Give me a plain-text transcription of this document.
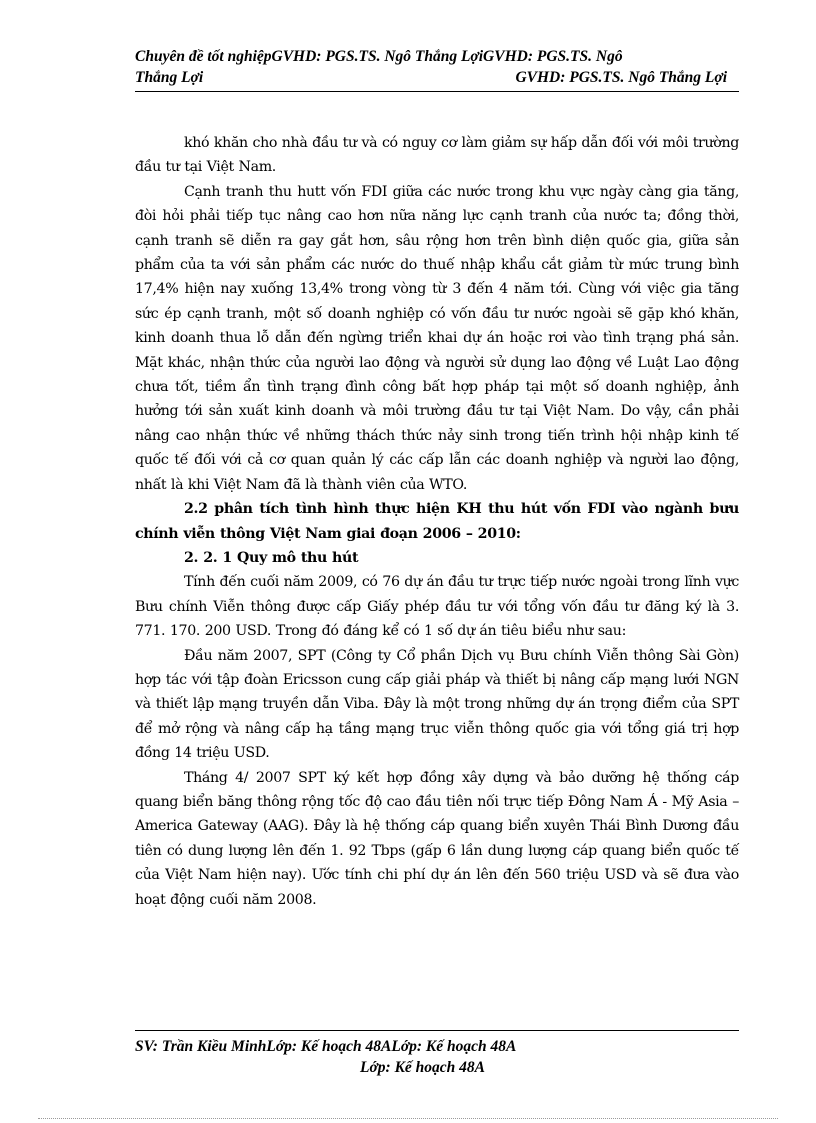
Chuyên đề tốt nghiệpGVHD: PGS.TS. Ngô Thắng LợiGVHD: PGS.TS. Ngô
Thắng Lợi	GVHD: PGS.TS. Ngô Thắng Lợi

khó khăn cho nhà đầu tư và có nguy cơ làm giảm sự hấp dẫn đối với môi trường đầu tư tại Việt Nam.

Cạnh tranh thu hutt vốn FDI giữa các nước trong khu vực ngày càng gia tăng, đòi hỏi phải tiếp tục nâng cao hơn nữa năng lực cạnh tranh của nước ta; đồng thời, cạnh tranh sẽ diễn ra gay gắt hơn, sâu rộng hơn trên bình diện quốc gia, giữa sản phẩm của ta với sản phẩm các nước do thuế nhập khẩu cắt giảm từ mức trung bình 17,4% hiện nay xuống 13,4% trong vòng từ 3 đến 4 năm tới. Cùng với việc gia tăng sức ép cạnh tranh, một số doanh nghiệp có vốn đầu tư nước ngoài sẽ gặp khó khăn, kinh doanh thua lỗ dẫn đến ngừng triển khai dự án hoặc rơi vào tình trạng phá sản. Mặt khác, nhận thức của người lao động và người sử dụng lao động về Luật Lao động chưa tốt, tiềm ẩn tình trạng đình công bất hợp pháp tại một số doanh nghiệp, ảnh hưởng tới sản xuất kinh doanh và môi trường đầu tư tại Việt Nam. Do vậy, cần phải nâng cao nhận thức về những thách thức nảy sinh trong tiến trình hội nhập kinh tế quốc tế đối với cả cơ quan quản lý các cấp lẫn các doanh nghiệp và người lao động, nhất là khi Việt Nam đã là thành viên của WTO.

2.2 phân tích tình hình thực hiện KH thu hút vốn FDI vào ngành bưu chính viễn thông Việt Nam giai đoạn 2006 – 2010:

2. 2. 1 Quy mô thu hút

Tính đến cuối năm 2009, có 76 dự án đầu tư trực tiếp nước ngoài trong lĩnh vực Bưu chính Viễn thông được cấp Giấy phép đầu tư với tổng vốn đầu tư đăng ký là 3. 771. 170. 200 USD. Trong đó đáng kể có 1 số dự án tiêu biểu như sau:

Đầu năm 2007, SPT (Công ty Cổ phần Dịch vụ Bưu chính Viễn thông Sài Gòn) hợp tác với tập đoàn Ericsson cung cấp giải pháp và thiết bị nâng cấp mạng lưới NGN và thiết lập mạng truyền dẫn Viba. Đây là một trong những dự án trọng điểm của SPT để mở rộng và nâng cấp hạ tầng mạng trục viễn thông quốc gia với tổng giá trị hợp đồng 14 triệu USD.

Tháng 4/ 2007 SPT ký kết hợp đồng xây dựng và bảo dưỡng hệ thống cáp quang biển băng thông rộng tốc độ cao đầu tiên nối trực tiếp Đông Nam Á - Mỹ Asia – America Gateway (AAG). Đây là hệ thống cáp quang biển xuyên Thái Bình Dương đầu tiên có dung lượng lên đến 1. 92 Tbps (gấp 6 lần dung lượng cáp quang biển quốc tế của Việt Nam hiện nay). Ước tính chi phí dự án lên đến 560 triệu USD và sẽ đưa vào hoạt động cuối năm 2008.

SV: Trần Kiều MinhLớp: Kế hoạch 48ALớp: Kế hoạch 48A
Lớp: Kế hoạch 48A
